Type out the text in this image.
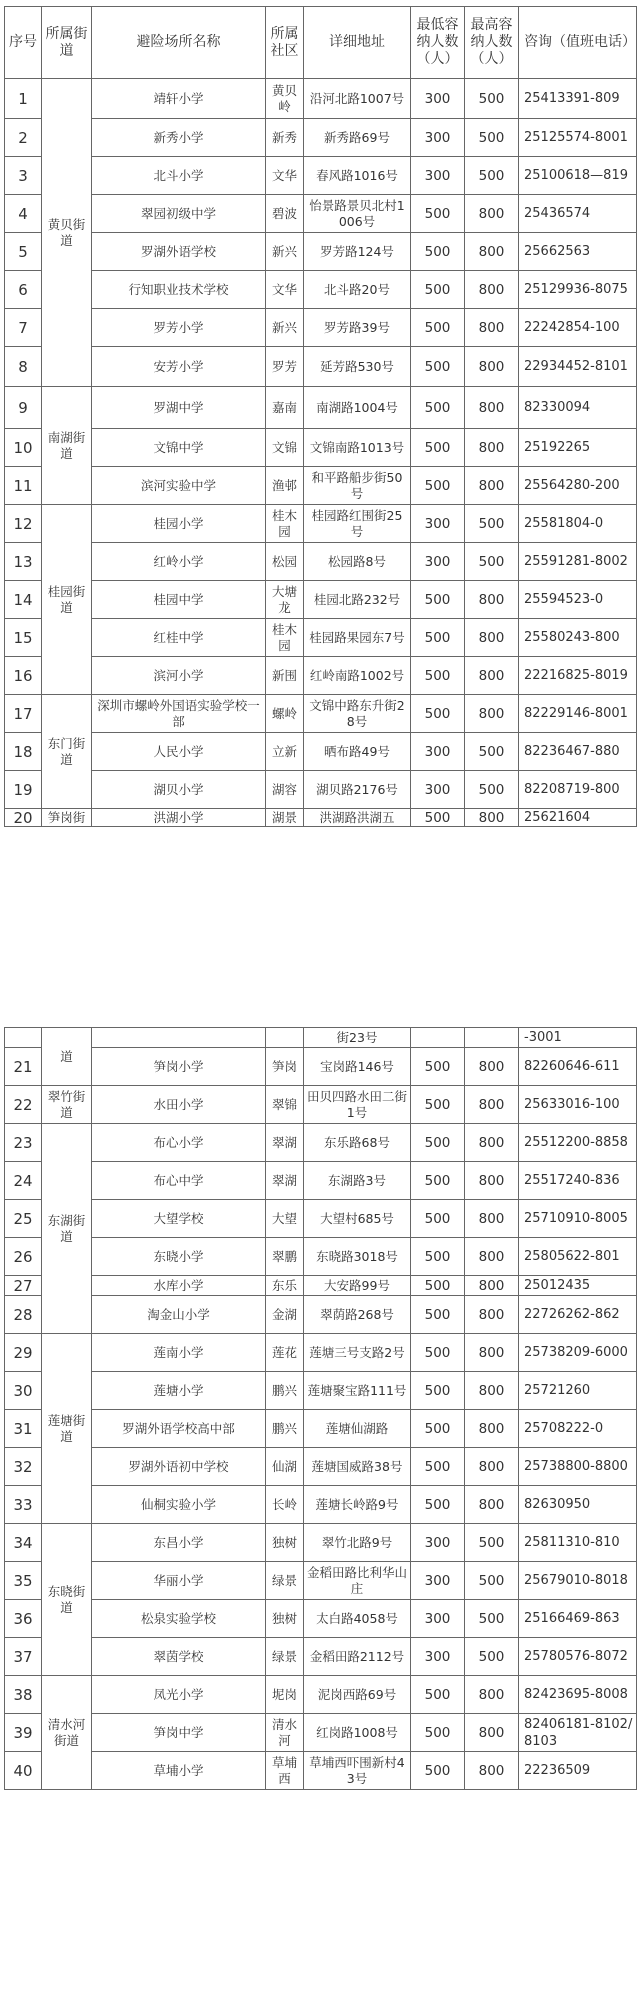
序号	所属街道	避险场所名称	所属社区	详细地址	最低容纳人数（人）	最高容纳人数（人）	咨询（值班电话）
1	黄贝街道	靖轩小学	黄贝岭	沿河北路1007号	300	500	25413391-809
2		新秀小学	新秀	新秀路69号	300	500	25125574-8001
3		北斗小学	文华	春风路1016号	300	500	25100618—819
4		翠园初级中学	碧波	怡景路景贝北村1006号	500	800	25436574
5		罗湖外语学校	新兴	罗芳路124号	500	800	25662563
6		行知职业技术学校	文华	北斗路20号	500	800	25129936-8075
7		罗芳小学	新兴	罗芳路39号	500	800	22242854-100
8		安芳小学	罗芳	延芳路530号	500	800	22934452-8101
9	南湖街道	罗湖中学	嘉南	南湖路1004号	500	800	82330094
10		文锦中学	文锦	文锦南路1013号	500	800	25192265
11		滨河实验中学	渔邨	和平路船步街50号	500	800	25564280-200
12	桂园街道	桂园小学	桂木园	桂园路红围街25号	300	500	25581804-0
13		红岭小学	松园	松园路8号	300	500	25591281-8002
14		桂园中学	大塘龙	桂园北路232号	500	800	25594523-0
15		红桂中学	桂木园	桂园路果园东7号	500	800	25580243-800
16		滨河小学	新围	红岭南路1002号	500	800	22216825-8019
17	东门街道	深圳市螺岭外国语实验学校一部	螺岭	文锦中路东升街28号	500	800	82229146-8001
18		人民小学	立新	晒布路49号	300	500	82236467-880
19		湖贝小学	湖容	湖贝路2176号	300	500	82208719-800
20	笋岗街	洪湖小学	湖景	洪湖路洪湖五	500	800	25621604
	道			街23号			-3001
21		笋岗小学	笋岗	宝岗路146号	500	800	82260646-611
22	翠竹街道	水田小学	翠锦	田贝四路水田二街1号	500	800	25633016-100
23	东湖街道	布心小学	翠湖	东乐路68号	500	800	25512200-8858
24		布心中学	翠湖	东湖路3号	500	800	25517240-836
25		大望学校	大望	大望村685号	500	800	25710910-8005
26		东晓小学	翠鹏	东晓路3018号	500	800	25805622-801
27		水库小学	东乐	大安路99号	500	800	25012435
28		淘金山小学	金湖	翠荫路268号	500	800	22726262-862
29	莲塘街道	莲南小学	莲花	莲塘三号支路2号	500	800	25738209-6000
30		莲塘小学	鹏兴	莲塘聚宝路111号	500	800	25721260
31		罗湖外语学校高中部	鹏兴	莲塘仙湖路	500	800	25708222-0
32		罗湖外语初中学校	仙湖	莲塘国威路38号	500	800	25738800-8800
33		仙桐实验小学	长岭	莲塘长岭路9号	500	800	82630950
34	东晓街道	东昌小学	独树	翠竹北路9号	300	500	25811310-810
35		华丽小学	绿景	金稻田路比利华山庄	300	500	25679010-8018
36		松泉实验学校	独树	太白路4058号	300	500	25166469-863
37		翠茵学校	绿景	金稻田路2112号	300	500	25780576-8072
38	清水河街道	凤光小学	坭岗	泥岗西路69号	500	800	82423695-8008
39		笋岗中学	清水河	红岗路1008号	500	800	82406181-8102/8103
40		草埔小学	草埔西	草埔西吓围新村43号	500	800	22236509
